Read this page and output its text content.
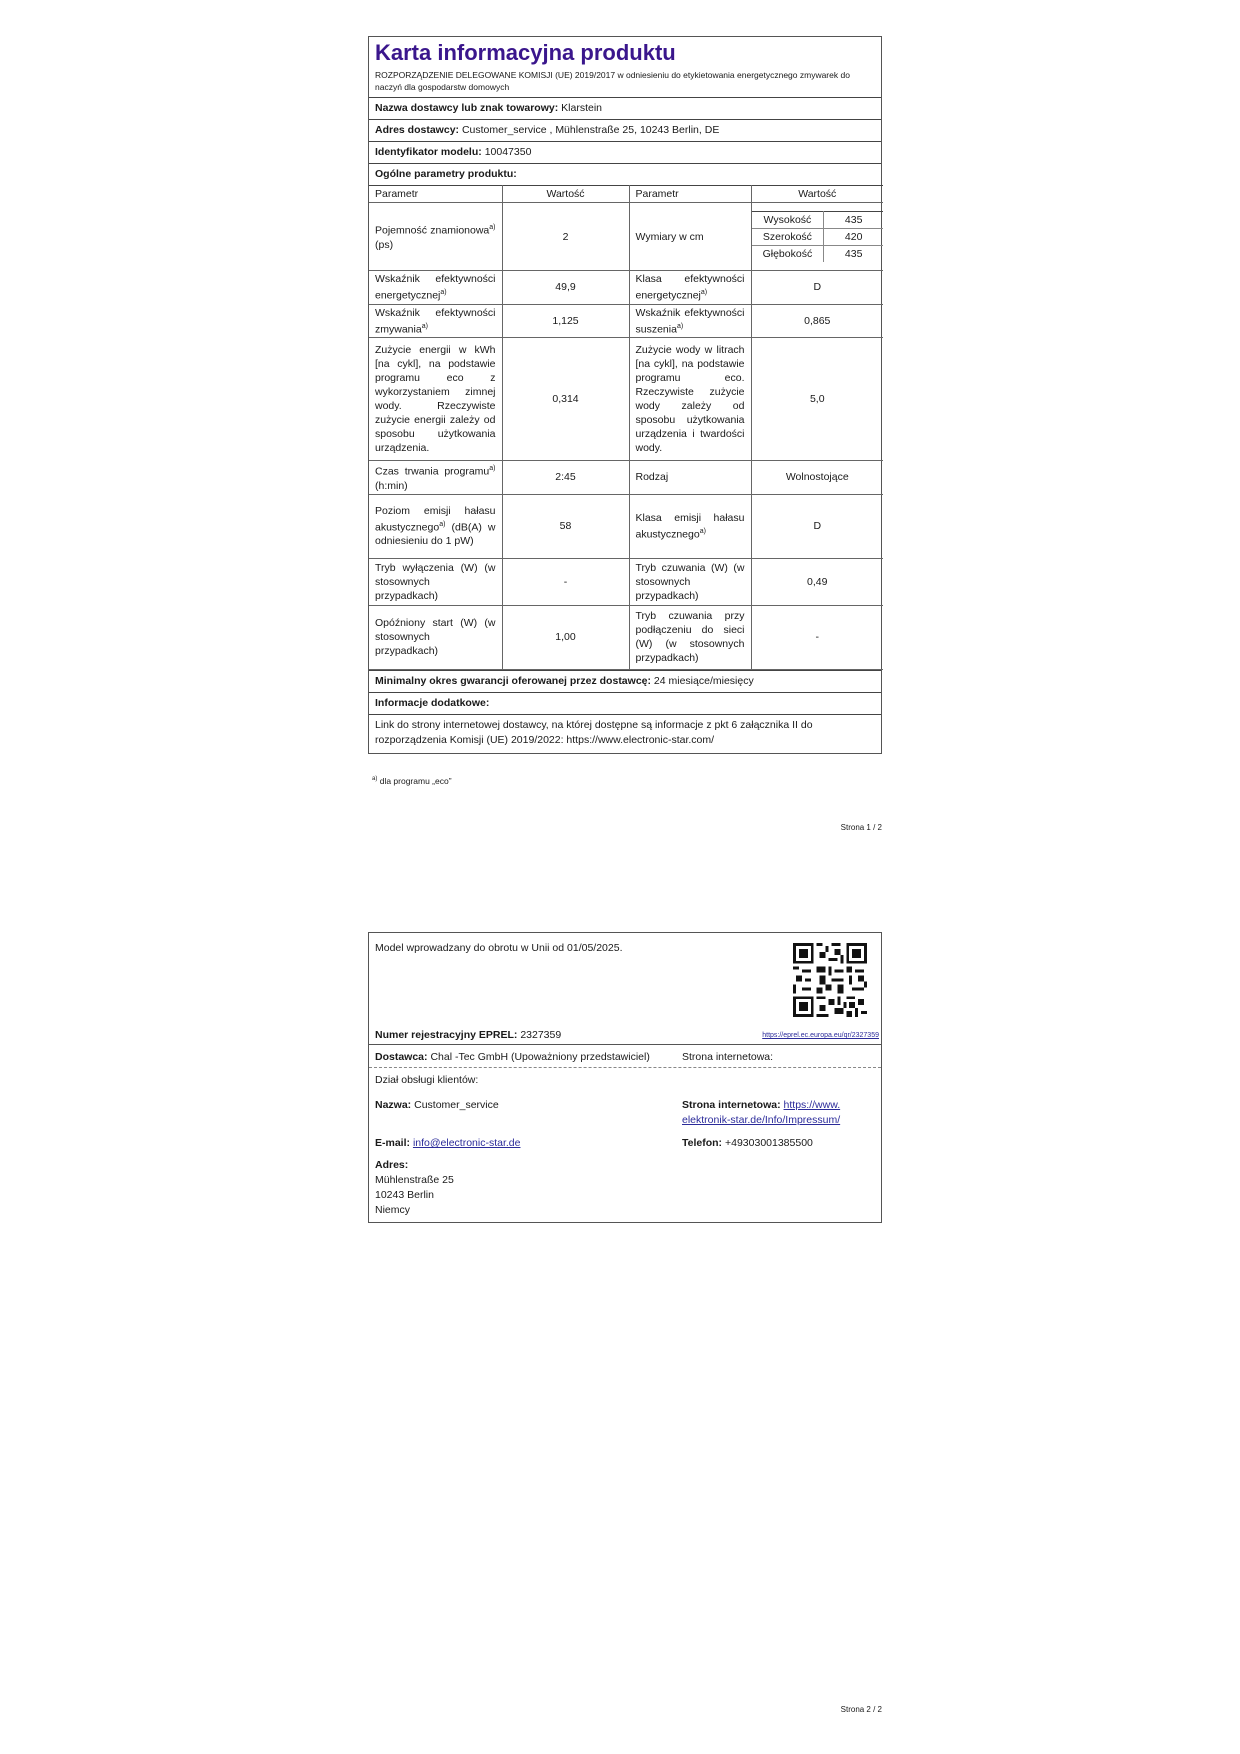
Karta informacyjna produktu
ROZPORZĄDZENIE DELEGOWANE KOMISJI (UE) 2019/2017 w odniesieniu do etykietowania energetycznego zmywarek do naczyń dla gospodarstw domowych
Nazwa dostawcy lub znak towarowy: Klarstein
Adres dostawcy: Customer_service , Mühlenstraße 25, 10243 Berlin, DE
Identyfikator modelu: 10047350
Ogólne parametry produktu:
Parametr	Wartość	Parametr	Wartość
Pojemność znamionowa$^{a)}$ (ps)	2	Wymiary w cm	
Wysokość	435
Szerokość	420
Głębokość	435

Wskaźnik efektywności energetycznej$^{a)}$	49,9	Klasa efektywności energetycznej$^{a)}$	D
Wskaźnik efektywności zmywania$^{a)}$	1,125	Wskaźnik efektywności suszenia$^{a)}$	0,865
Zużycie energii w kWh [na cykl], na podstawie programu eco z wykorzystaniem zimnej wody. Rzeczywiste zużycie energii zależy od sposobu użytkowania urządzenia.	0,314	Zużycie wody w litrach [na cykl], na podstawie programu eco. Rzeczywiste zużycie wody zależy od sposobu użytkowania urządzenia i twardości wody.	5,0
Czas trwania programu$^{a)}$ (h:min)	2:45	Rodzaj	Wolnostojące
Poziom emisji hałasu akustycznego$^{a)}$ (dB(A) w odniesieniu do 1 pW)	58	Klasa emisji hałasu akustycznego$^{a)}$	D
Tryb wyłączenia (W) (w stosownych przypadkach)	-	Tryb czuwania (W) (w stosownych przypadkach)	0,49
Opóźniony start (W) (w stosownych przypadkach)	1,00	Tryb czuwania przy podłączeniu do sieci (W) (w stosownych przypadkach)	-
Minimalny okres gwarancji oferowanej przez dostawcę: 24 miesiące/miesięcy
Informacje dodatkowe:
Link do strony internetowej dostawcy, na której dostępne są informacje z pkt 6 załącznika II do rozporządzenia Komisji (UE) 2019/2022: https://www.electronic-star.com/
$^{a)}$ dla programu „eco”
Strona 1 / 2
Model wprowadzany do obrotu w Unii od 01/05/2025.
Numer rejestracyjny EPREL: 2327359	https://eprel.ec.europa.eu/qr/2327359
Dostawca: Chal -Tec GmbH (Upoważniony przedstawiciel)	Strona internetowa:
Dział obsługi klientów:
Nazwa: Customer_service	Strona internetowa: https://www.
elektronik-star.de/Info/Impressum/
E-mail: info@electronic-star.de	Telefon: +49303001385500
Adres:
Mühlenstraße 25
10243 Berlin
Niemcy
Strona 2 / 2
